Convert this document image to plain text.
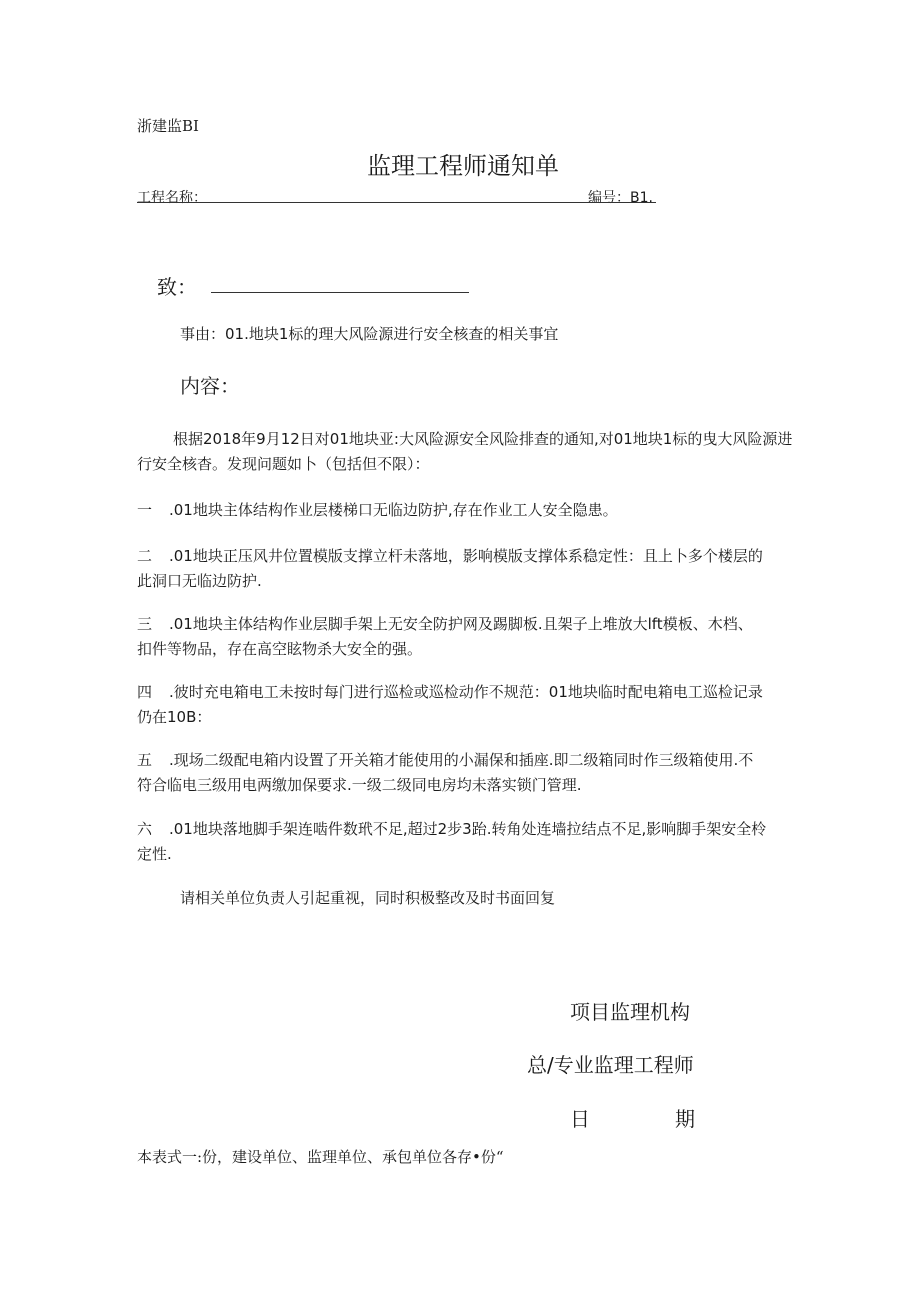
浙建监BI
监理工程师通知单
工程名称：	编号：B1.
致：
事由：01.地块1标的理大风险源进行安全核查的相关事宜
内容：
根据2018年9月12日对01地块亚:大风险源安全风险排查的通知,对01地块1标的曳大风险源进
行安全核杳。发现问题如卜（包括但不限）：
一 .01地块主体结构作业层楼梯口无临边防护,存在作业工人安全隐患。
二 .01地块正压风井位置模版支撑立杆未落地，影响模版支撑体系稳定性：且上卜多个楼层的
此洞口无临边防护.
三 .01地块主体结构作业层脚手架上无安全防护网及踢脚板.且架子上堆放大lft模板、木档、
扣件等物品，存在高空眩物杀大安全的强。
四 .彼时充电箱电工未按时每门进行巡检或巡检动作不规范：01地块临时配电箱电工巡检记录
仍在10B：
五 .现场二级配电箱内设置了开关箱才能使用的小漏保和插座.即二级箱同时作三级箱使用.不
符合临电三级用电两缴加保要求.一级二级同电房均未落实锁门管理.
六 .01地块落地脚手架连啮件数玳不足,超过2步3跆.转角处连墙拉结点不足,影响脚手架安全柃
定性.
请相关单位负责人引起重视，同时积极整改及时书面回复
项目监理机构
总/专业监理工程师
日	期
本表式一:份，建设单位、监理单位、承包单位各存•份“
